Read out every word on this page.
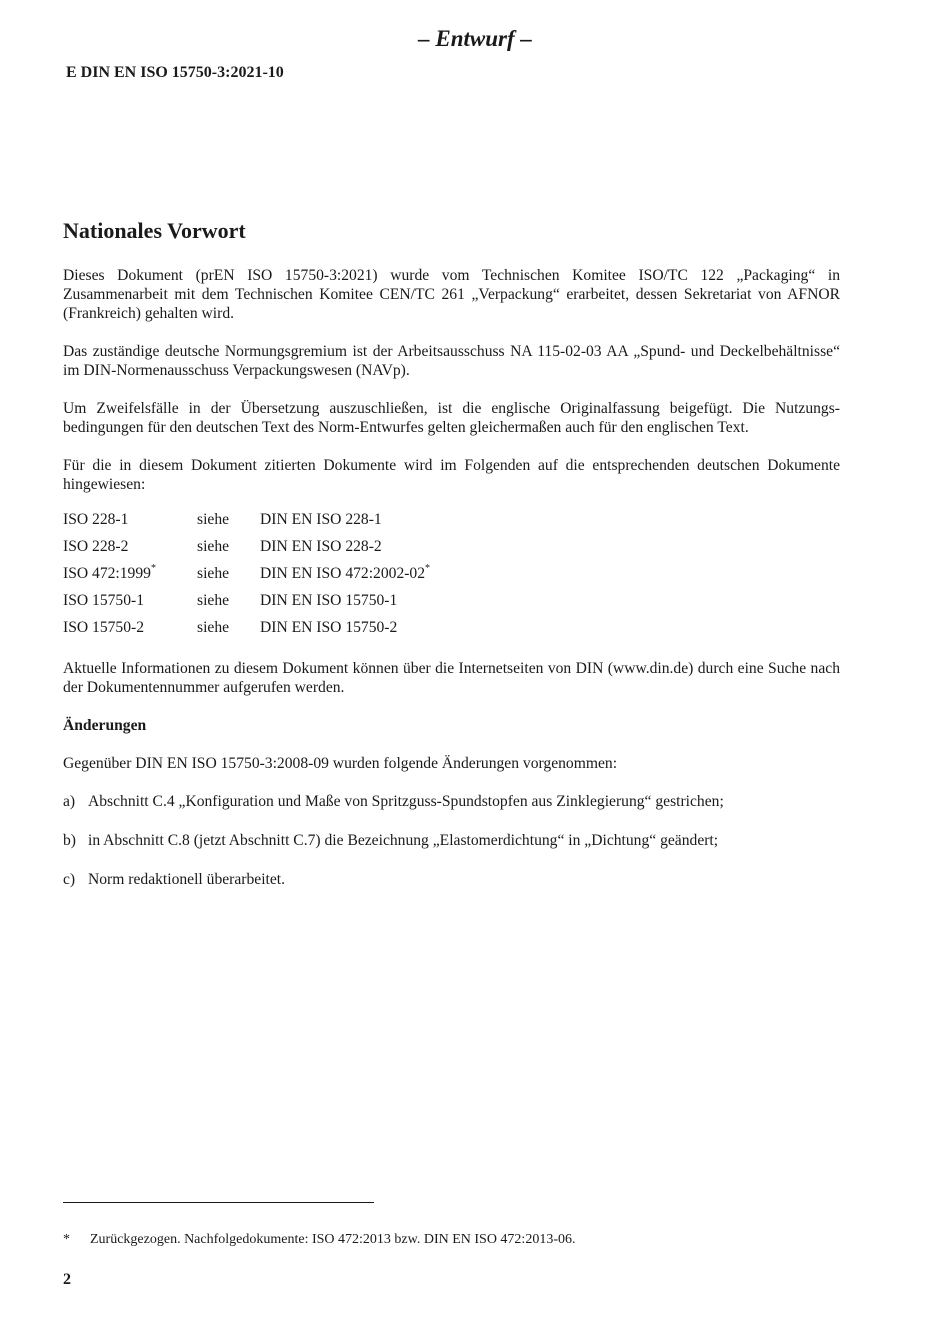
– Entwurf –
E DIN EN ISO 15750-3:2021-10
Nationales Vorwort

Dieses Dokument (prEN ISO 15750-3:2021) wurde vom Technischen Komitee ISO/TC 122 „Packaging“ in Zusammenarbeit mit dem Technischen Komitee CEN/TC 261 „Verpackung“ erarbeitet, dessen Sekretariat von AFNOR (Frankreich) gehalten wird.

Das zuständige deutsche Normungsgremium ist der Arbeitsausschuss NA 115-02-03 AA „Spund- und Deckelbehältnisse“ im DIN-Normenausschuss Verpackungswesen (NAVp).

Um Zweifelsfälle in der Übersetzung auszuschließen, ist die englische Originalfassung beigefügt. Die Nutzungsbedingungen für den deutschen Text des Norm-Entwurfes gelten gleichermaßen auch für den englischen Text.

Für die in diesem Dokument zitierten Dokumente wird im Folgenden auf die entsprechenden deutschen Dokumente hingewiesen:

ISO 228-1	siehe	DIN EN ISO 228-1
ISO 228-2	siehe	DIN EN ISO 228-2
ISO 472:1999*	siehe	DIN EN ISO 472:2002-02*
ISO 15750-1	siehe	DIN EN ISO 15750-1
ISO 15750-2	siehe	DIN EN ISO 15750-2

Aktuelle Informationen zu diesem Dokument können über die Internetseiten von DIN (www.din.de) durch eine Suche nach der Dokumentennummer aufgerufen werden.

Änderungen

Gegenüber DIN EN ISO 15750-3:2008-09 wurden folgende Änderungen vorgenommen:

a) Abschnitt C.4 „Konfiguration und Maße von Spritzguss-Spundstopfen aus Zinklegierung“ gestrichen;
b) in Abschnitt C.8 (jetzt Abschnitt C.7) die Bezeichnung „Elastomerdichtung“ in „Dichtung“ geändert;
c) Norm redaktionell überarbeitet.
*	Zurückgezogen. Nachfolgedokumente: ISO 472:2013 bzw. DIN EN ISO 472:2013-06.
2
